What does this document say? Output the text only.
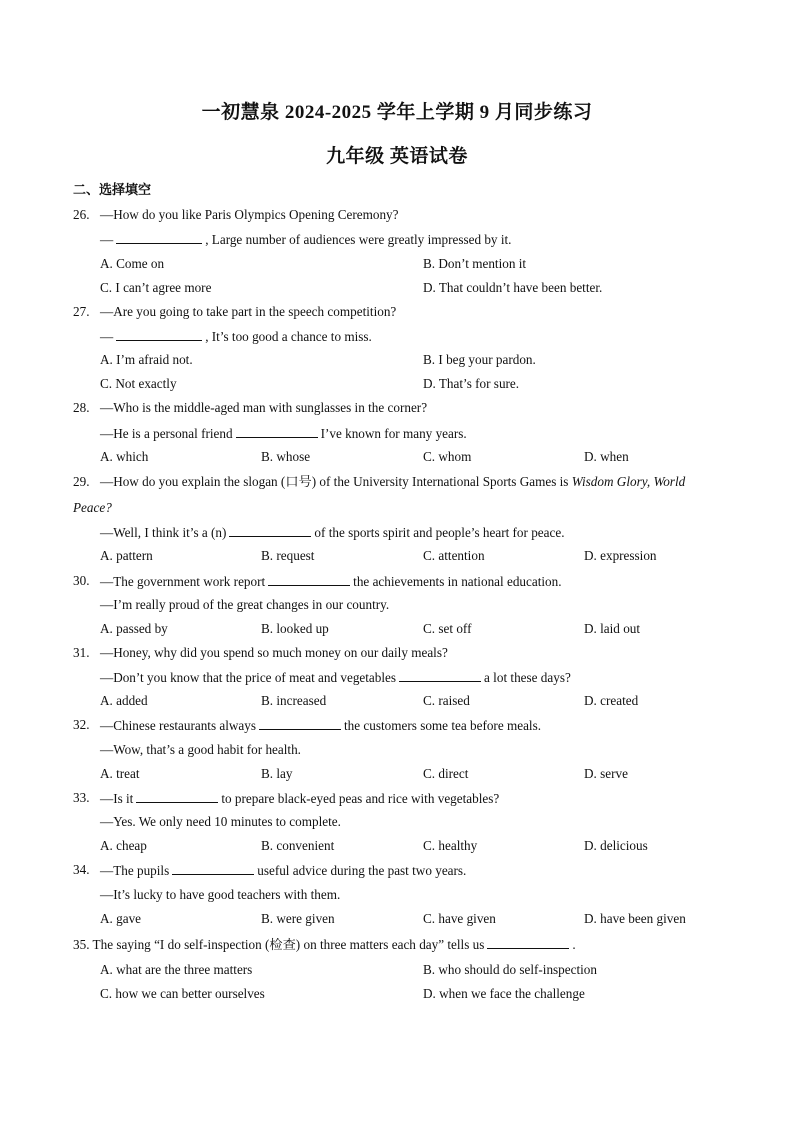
一初慧泉 2024-2025 学年上学期 9 月同步练习
九年级 英语试卷
二、选择填空
26. —How do you like Paris Olympics Opening Ceremony?
—	, Large number of audiences were greatly impressed by it.
A. Come on	B. Don’t mention it
C. I can’t agree more	D. That couldn’t have been better.
27. —Are you going to take part in the speech competition?
—	, It’s too good a chance to miss.
A. I’m afraid not.	B. I beg your pardon.
C. Not exactly	D. That’s for sure.
28. —Who is the middle-aged man with sunglasses in the corner?
—He is a personal friend	I’ve known for many years.
A. which	B. whose	C. whom	D. when
29. —How do you explain the slogan (口号) of the University International Sports Games is Wisdom Glory, World
Peace?
—Well, I think it’s a (n)	of the sports spirit and people’s heart for peace.
A. pattern	B. request	C. attention	D. expression
30. —The government work report	the achievements in national education.
—I’m really proud of the great changes in our country.
A. passed by	B. looked up	C. set off	D. laid out
31. —Honey, why did you spend so much money on our daily meals?
—Don’t you know that the price of meat and vegetables	a lot these days?
A. added	B. increased	C. raised	D. created
32. —Chinese restaurants always	the customers some tea before meals.
—Wow, that’s a good habit for health.
A. treat	B. lay	C. direct	D. serve
33. —Is it	to prepare black-eyed peas and rice with vegetables?
—Yes. We only need 10 minutes to complete.
A. cheap	B. convenient	C. healthy	D. delicious
34. —The pupils	useful advice during the past two years.
—It’s lucky to have good teachers with them.
A. gave	B. were given	C. have given	D. have been given
35. The saying “I do self-inspection (检查) on three matters each day” tells us	.
A. what are the three matters	B. who should do self-inspection
C. how we can better ourselves	D. when we face the challenge
